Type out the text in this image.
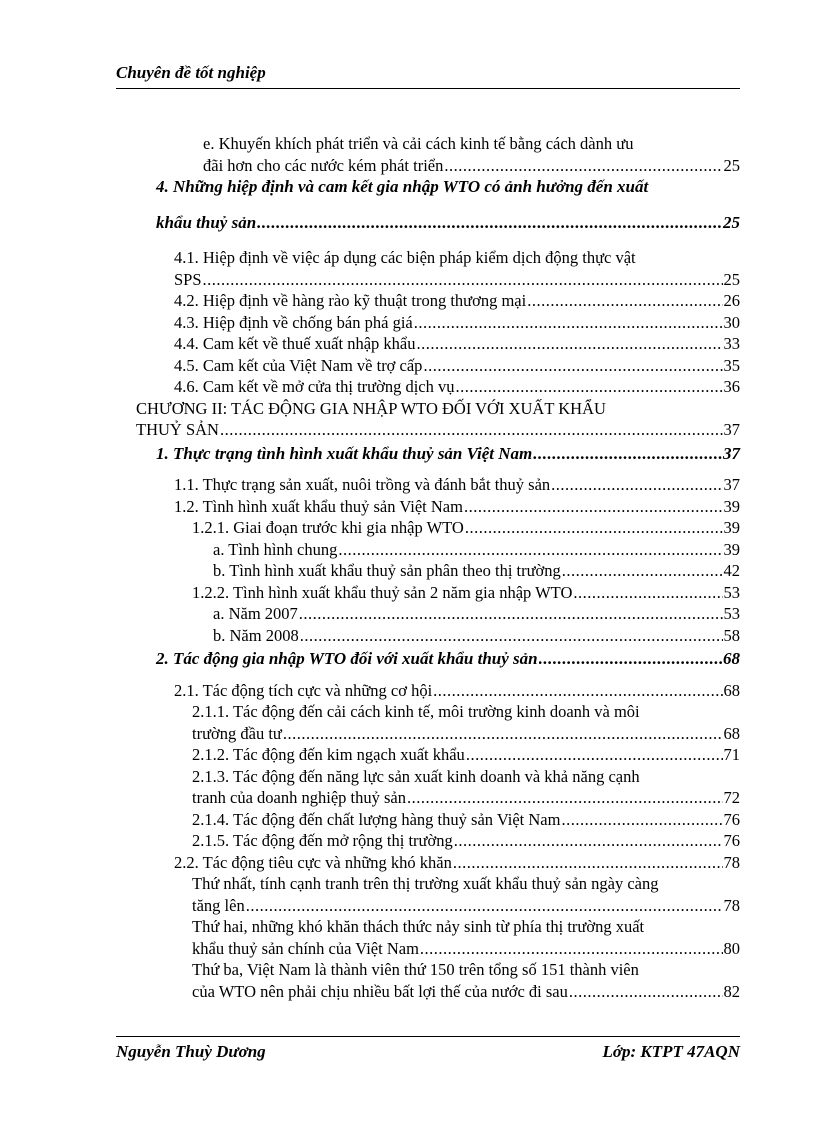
Chuyên đề tốt nghiệp
e. Khuyến khích phát triển và cải cách kinh tế bằng cách dành ưu
đãi hơn cho các nước kém phát triển .....	25
4. Những hiệp định và cam kết gia nhập WTO có ảnh hưởng đến xuất
khẩu thuỷ sản .....	25
4.1. Hiệp định về việc áp dụng các biện pháp kiểm dịch động thực vật
SPS .....	25
4.2. Hiệp định về hàng rào kỹ thuật trong thương mại .....	26
4.3. Hiệp định về chống bán phá giá .....	30
4.4. Cam kết về thuế xuất nhập khẩu .....	33
4.5. Cam kết của Việt Nam về trợ cấp .....	35
4.6. Cam kết về mở cửa thị trường dịch vụ .....	36
CHƯƠNG II: TÁC ĐỘNG GIA NHẬP WTO ĐỐI VỚI XUẤT KHẨU
THUỶ SẢN .....	37
1. Thực trạng tình hình xuất khẩu thuỷ sản Việt Nam .....	37
1.1. Thực trạng sản xuất, nuôi trồng và đánh bắt thuỷ sản .....	37
1.2. Tình hình xuất khẩu thuỷ sản Việt Nam .....	39
1.2.1. Giai đoạn trước khi gia nhập WTO .....	39
a. Tình hình chung .....	39
b. Tình hình xuất khẩu thuỷ sản phân theo thị trường .....	42
1.2.2. Tình hình xuất khẩu thuỷ sản 2 năm gia nhập WTO .....	53
a. Năm 2007 .....	53
b. Năm 2008 .....	58
2. Tác động gia nhập WTO đối với xuất khẩu thuỷ sản .....	68
2.1. Tác động tích cực và những cơ hội .....	68
2.1.1. Tác động đến cải cách kinh tế, môi trường kinh doanh và môi
trường đầu tư .....	68
2.1.2. Tác động đến kim ngạch xuất khẩu .....	71
2.1.3. Tác động đến năng lực sản xuất kinh doanh và khả năng cạnh
tranh của doanh nghiệp thuỷ sản .....	72
2.1.4. Tác động đến chất lượng hàng thuỷ sản Việt Nam .....	76
2.1.5. Tác động đến mở rộng thị trường .....	76
2.2. Tác động tiêu cực và những khó khăn .....	78
Thứ nhất, tính cạnh tranh trên thị trường xuất khẩu thuỷ sản ngày càng
tăng lên .....	78
Thứ hai, những khó khăn thách thức nảy sinh từ phía thị trường xuất
khẩu thuỷ sản chính của Việt Nam .....	80
Thứ ba, Việt Nam là thành viên thứ 150 trên tổng số 151 thành viên
của WTO nên phải chịu nhiều bất lợi thế của nước đi sau .....	82
Nguyễn Thuỳ Dương	Lớp: KTPT 47AQN
